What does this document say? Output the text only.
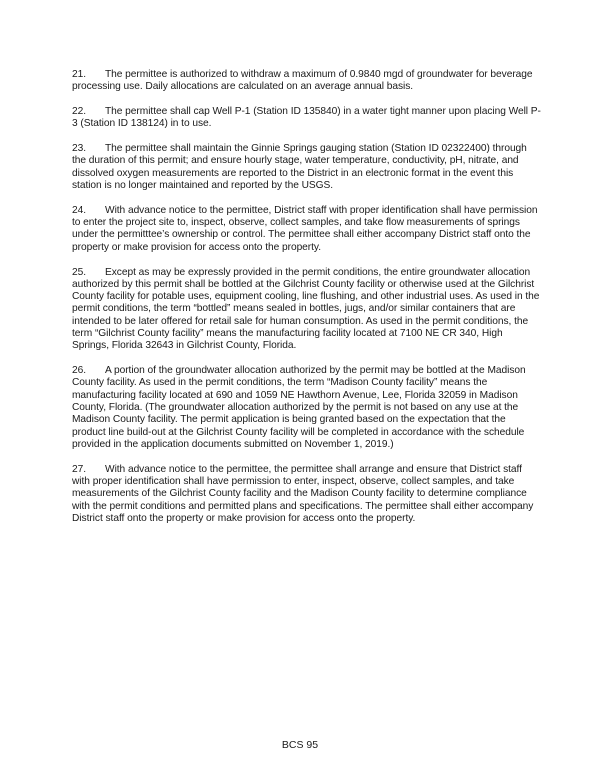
21. The permittee is authorized to withdraw a maximum of 0.9840 mgd of groundwater for beverage processing use. Daily allocations are calculated on an average annual basis.

22. The permittee shall cap Well P-1 (Station ID 135840) in a water tight manner upon placing Well P-3 (Station ID 138124) in to use.

23. The permittee shall maintain the Ginnie Springs gauging station (Station ID 02322400) through the duration of this permit; and ensure hourly stage, water temperature, conductivity, pH, nitrate, and dissolved oxygen measurements are reported to the District in an electronic format in the event this station is no longer maintained and reported by the USGS.

24. With advance notice to the permittee, District staff with proper identification shall have permission to enter the project site to, inspect, observe, collect samples, and take flow measurements of springs under the permitttee’s ownership or control. The permittee shall either accompany District staff onto the property or make provision for access onto the property.

25. Except as may be expressly provided in the permit conditions, the entire groundwater allocation authorized by this permit shall be bottled at the Gilchrist County facility or otherwise used at the Gilchrist County facility for potable uses, equipment cooling, line flushing, and other industrial uses. As used in the permit conditions, the term “bottled” means sealed in bottles, jugs, and/or similar containers that are intended to be later offered for retail sale for human consumption. As used in the permit conditions, the term “Gilchrist County facility” means the manufacturing facility located at 7100 NE CR 340, High Springs, Florida 32643 in Gilchrist County, Florida.

26. A portion of the groundwater allocation authorized by the permit may be bottled at the Madison County facility. As used in the permit conditions, the term “Madison County facility” means the manufacturing facility located at 690 and 1059 NE Hawthorn Avenue, Lee, Florida 32059 in Madison County, Florida. (The groundwater allocation authorized by the permit is not based on any use at the Madison County facility. The permit application is being granted based on the expectation that the product line build-out at the Gilchrist County facility will be completed in accordance with the schedule provided in the application documents submitted on November 1, 2019.)

27. With advance notice to the permittee, the permittee shall arrange and ensure that District staff with proper identification shall have permission to enter, inspect, observe, collect samples, and take measurements of the Gilchrist County facility and the Madison County facility to determine compliance with the permit conditions and permitted plans and specifications. The permittee shall either accompany District staff onto the property or make provision for access onto the property.

BCS 95
